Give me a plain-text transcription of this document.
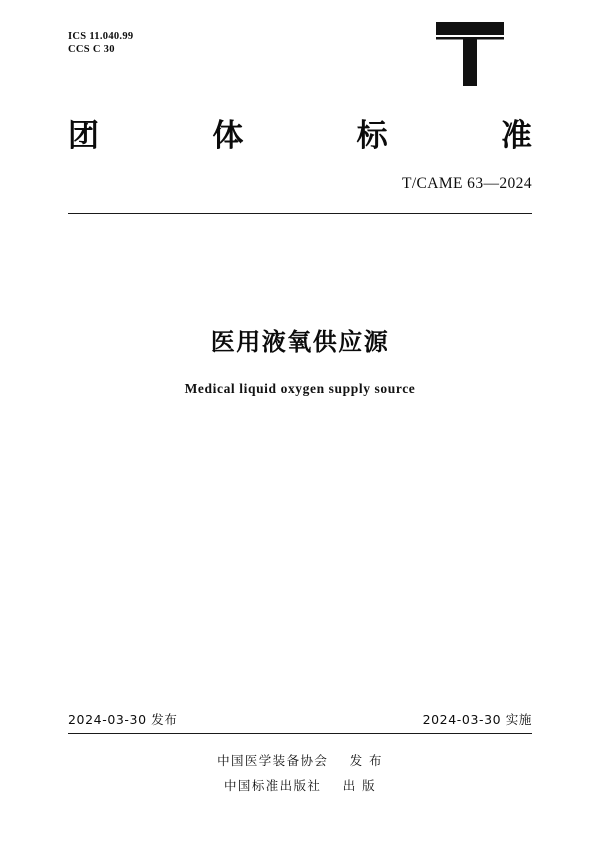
ICS 11.040.99
CCS C 30
团	体	标	准
T/CAME 63—2024
医用液氧供应源
Medical liquid oxygen supply source
2024-03-30 发布	2024-03-30 实施
中国医学装备协会    发 布
中国标准出版社    出 版
